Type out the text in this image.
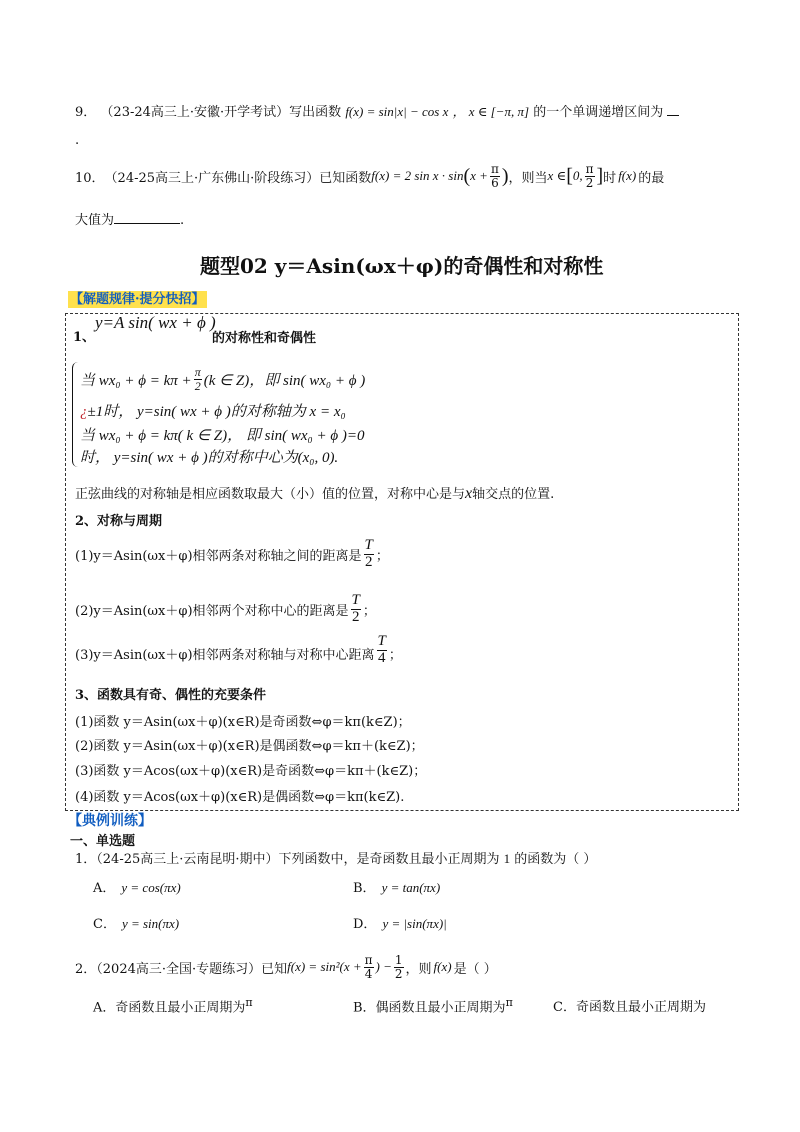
9． （23-24高三上·安徽·开学考试）写出函数 f(x) = sin|x| − cos x ， x ∈ [−π, π] 的一个单调递增区间为
.
10． （24-25高三上·广东佛山·阶段练习）已知函数 f(x) = 2 sin x · sin ( $x + \frac{\pi}{6}$ ) ，则当 x ∈ [ 0, $\frac{\pi}{2}$ ] 时 f(x) 的最
大值为	.
题型02 y＝Asin(ωx＋φ)的奇偶性和对称性
【解题规律·提分快招】
1、
y=A sin( wx + ϕ )
的对称性和奇偶性
当 $wx_0 + \phi = k\pi + \frac{\pi}{2} (k$ ∈ Z)，即 sin( wx₀ + ϕ )
¿±1时， y=sin( wx + ϕ )的对称轴为 x = x₀
当 wx₀ + ϕ = kπ( k ∈ Z)， 即 sin( wx₀ + ϕ )=0
时， y=sin( wx + ϕ )的对称中心为(x₀, 0).
正弦曲线的对称轴是相应函数取最大（小）值的位置，对称中心是与x轴交点的位置.
2、对称与周期
(1)y＝Asin(ωx＋φ)相邻两条对称轴之间的距离是 $\frac{T}{2}$ ；
(2)y＝Asin(ωx＋φ)相邻两个对称中心的距离是 $\frac{T}{2}$ ；
(3)y＝Asin(ωx＋φ)相邻两条对称轴与对称中心距离 $\frac{T}{4}$ ；
3、函数具有奇、偶性的充要条件
(1)函数 y＝Asin(ωx＋φ)(x∈R)是奇函数⇔φ＝kπ(k∈Z)；
(2)函数 y＝Asin(ωx＋φ)(x∈R)是偶函数⇔φ＝kπ＋(k∈Z)；
(3)函数 y＝Acos(ωx＋φ)(x∈R)是奇函数⇔φ＝kπ＋(k∈Z)；
(4)函数 y＝Acos(ωx＋φ)(x∈R)是偶函数⇔φ＝kπ(k∈Z).
【典例训练】
一、单选题
1．（24-25高三上·云南昆明·期中）下列函数中，是奇函数且最小正周期为 1 的函数为（ ）
A． y = cos(πx)	B． y = tan(πx)
C． y = sin(πx)	D． y = |sin(πx)|
2．（2024高三·全国·专题练习）已知 $f(x) = \sin^2(x + \frac{\pi}{4}$ ) − $\frac{1}{2}$ ，则 f(x) 是（ ）
A．奇函数且最小正周期为$^\pi$	B．偶函数且最小正周期为$^\pi$	C．奇函数且最小正周期为
